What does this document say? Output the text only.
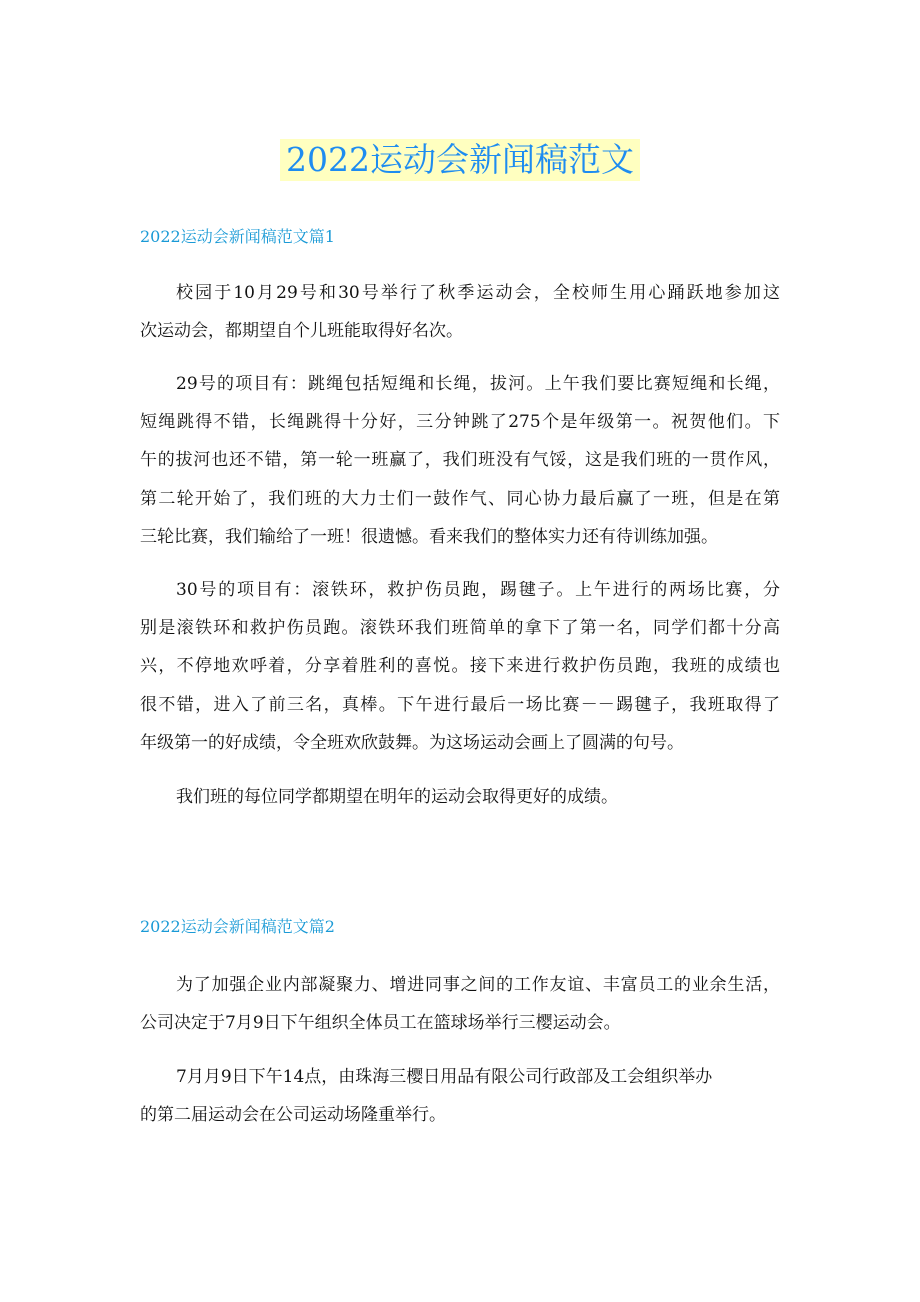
2022运动会新闻稿范文
2022运动会新闻稿范文篇1
校园于10月29号和30号举行了秋季运动会，全校师生用心踊跃地参加这
次运动会，都期望自个儿班能取得好名次。
29号的项目有：跳绳包括短绳和长绳，拔河。上午我们要比赛短绳和长绳，
短绳跳得不错，长绳跳得十分好，三分钟跳了275个是年级第一。祝贺他们。下
午的拔河也还不错，第一轮一班赢了，我们班没有气馁，这是我们班的一贯作风，
第二轮开始了，我们班的大力士们一鼓作气、同心协力最后赢了一班，但是在第
三轮比赛，我们输给了一班！很遗憾。看来我们的整体实力还有待训练加强。
30号的项目有：滚铁环，救护伤员跑，踢毽子。上午进行的两场比赛，分
别是滚铁环和救护伤员跑。滚铁环我们班简单的拿下了第一名，同学们都十分高
兴，不停地欢呼着，分享着胜利的喜悦。接下来进行救护伤员跑，我班的成绩也
很不错，进入了前三名，真棒。下午进行最后一场比赛－－踢毽子，我班取得了
年级第一的好成绩，令全班欢欣鼓舞。为这场运动会画上了圆满的句号。
我们班的每位同学都期望在明年的运动会取得更好的成绩。
2022运动会新闻稿范文篇2
为了加强企业内部凝聚力、增进同事之间的工作友谊、丰富员工的业余生活，
公司决定于7月9日下午组织全体员工在篮球场举行三樱运动会。
7月月9日下午14点，由珠海三樱日用品有限公司行政部及工会组织举办
的第二届运动会在公司运动场隆重举行。
